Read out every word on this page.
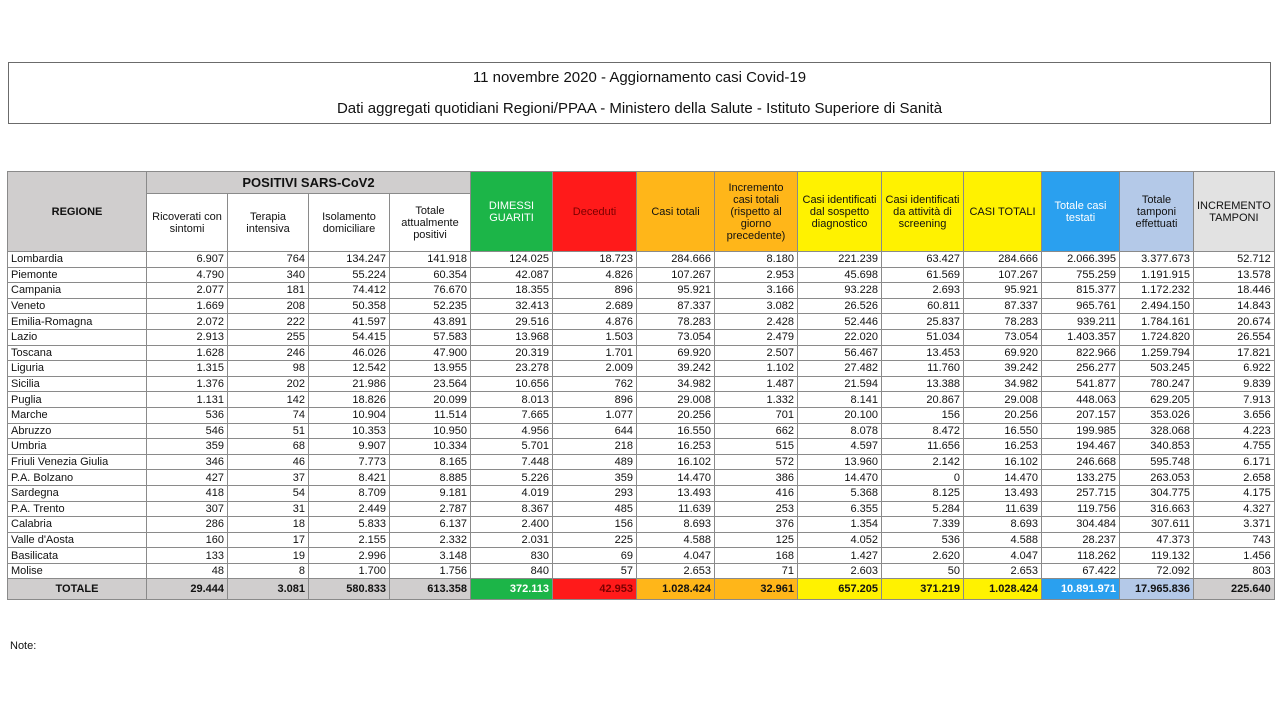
11 novembre 2020 - Aggiornamento casi Covid-19
Dati aggregati quotidiani Regioni/PPAA - Ministero della Salute - Istituto Superiore di Sanità
REGIONE	POSITIVI SARS-CoV2				DIMESSI GUARITI	Deceduti	Casi totali	Incremento casi totali (rispetto al giorno precedente)	Casi identificati dal sospetto diagnostico	Casi identificati da attività di screening	CASI TOTALI	Totale casi testati	Totale tamponi effettuati	INCREMENTO TAMPONI
	Ricoverati con sintomi	Terapia intensiva	Isolamento domiciliare	Totale attualmente positivi										
Lombardia	6.907	764	134.247	141.918	124.025	18.723	284.666	8.180	221.239	63.427	284.666	2.066.395	3.377.673	52.712
Piemonte	4.790	340	55.224	60.354	42.087	4.826	107.267	2.953	45.698	61.569	107.267	755.259	1.191.915	13.578
Campania	2.077	181	74.412	76.670	18.355	896	95.921	3.166	93.228	2.693	95.921	815.377	1.172.232	18.446
Veneto	1.669	208	50.358	52.235	32.413	2.689	87.337	3.082	26.526	60.811	87.337	965.761	2.494.150	14.843
Emilia-Romagna	2.072	222	41.597	43.891	29.516	4.876	78.283	2.428	52.446	25.837	78.283	939.211	1.784.161	20.674
Lazio	2.913	255	54.415	57.583	13.968	1.503	73.054	2.479	22.020	51.034	73.054	1.403.357	1.724.820	26.554
Toscana	1.628	246	46.026	47.900	20.319	1.701	69.920	2.507	56.467	13.453	69.920	822.966	1.259.794	17.821
Liguria	1.315	98	12.542	13.955	23.278	2.009	39.242	1.102	27.482	11.760	39.242	256.277	503.245	6.922
Sicilia	1.376	202	21.986	23.564	10.656	762	34.982	1.487	21.594	13.388	34.982	541.877	780.247	9.839
Puglia	1.131	142	18.826	20.099	8.013	896	29.008	1.332	8.141	20.867	29.008	448.063	629.205	7.913
Marche	536	74	10.904	11.514	7.665	1.077	20.256	701	20.100	156	20.256	207.157	353.026	3.656
Abruzzo	546	51	10.353	10.950	4.956	644	16.550	662	8.078	8.472	16.550	199.985	328.068	4.223
Umbria	359	68	9.907	10.334	5.701	218	16.253	515	4.597	11.656	16.253	194.467	340.853	4.755
Friuli Venezia Giulia	346	46	7.773	8.165	7.448	489	16.102	572	13.960	2.142	16.102	246.668	595.748	6.171
P.A. Bolzano	427	37	8.421	8.885	5.226	359	14.470	386	14.470	0	14.470	133.275	263.053	2.658
Sardegna	418	54	8.709	9.181	4.019	293	13.493	416	5.368	8.125	13.493	257.715	304.775	4.175
P.A. Trento	307	31	2.449	2.787	8.367	485	11.639	253	6.355	5.284	11.639	119.756	316.663	4.327
Calabria	286	18	5.833	6.137	2.400	156	8.693	376	1.354	7.339	8.693	304.484	307.611	3.371
Valle d'Aosta	160	17	2.155	2.332	2.031	225	4.588	125	4.052	536	4.588	28.237	47.373	743
Basilicata	133	19	2.996	3.148	830	69	4.047	168	1.427	2.620	4.047	118.262	119.132	1.456
Molise	48	8	1.700	1.756	840	57	2.653	71	2.603	50	2.653	67.422	72.092	803
TOTALE	29.444	3.081	580.833	613.358	372.113	42.953	1.028.424	32.961	657.205	371.219	1.028.424	10.891.971	17.965.836	225.640
Note:
